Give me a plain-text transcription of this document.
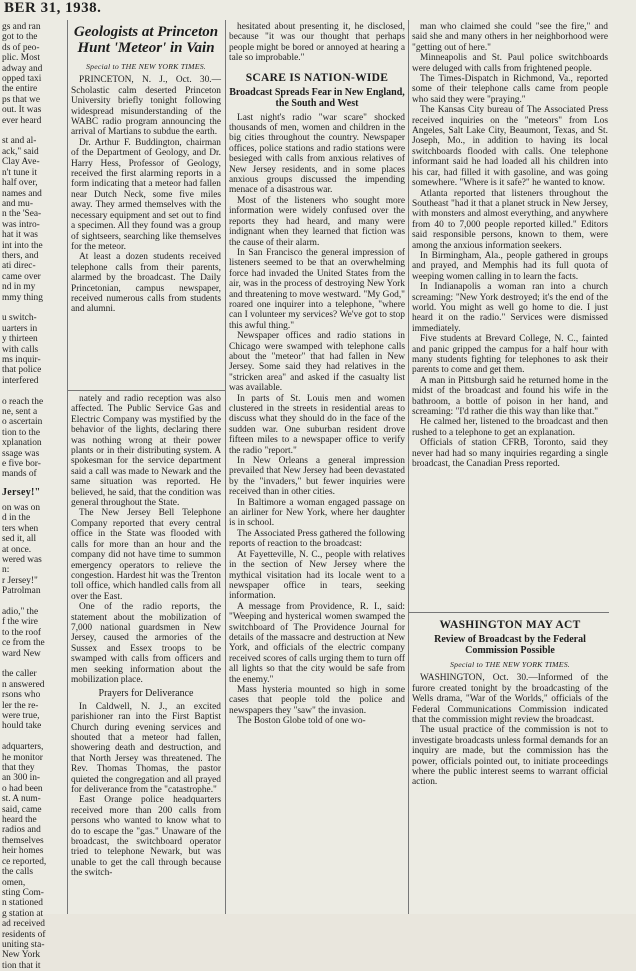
BER 31, 1938.

gs and ran

got to the

ds of peo-

plic. Most

adway and

opped taxi

the entire

ps that we

out. It was

ever heard

st and al-

ack," said

Clay Ave-

n't tune it

half over,

names and

and mu-

n the 'Sea-

was intro-

hat it was

int into the

thers, and

ati direc-

came over

nd in my

mmy thing

u switch-

uarters in

y thirteen

with calls

ms inquir-

that police

interfered

o reach the

ne, sent a

o ascertain

tion to the

xplanation

ssage was

e five bor-

mands of

Jersey!"

on was on

d in the

ters when

sed it, all

at once.

wered was

n:

r Jersey!"

Patrolman

adio," the

f the wire

to the roof

ce from the

ward New

the caller

n answered

rsons who

ler the re-

were true,

hould take

adquarters,

he monitor

that they

an 300 in-

o had been

st. A num-

said, came

heard the

radios and

themselves

heir homes

ce reported,

the calls

omen,

sting Com-

n stationed

g station at

ad received

residents of

uniting sta-

New York

tion that it

Geologists at Princeton Hunt 'Meteor' in Vain
Special to THE NEW YORK TIMES.

PRINCETON, N. J., Oct. 30.—Scholastic calm deserted Princeton University briefly tonight following widespread misunderstanding of the WABC radio program announcing the arrival of Martians to subdue the earth.

Dr. Arthur F. Buddington, chairman of the Department of Geology, and Dr. Harry Hess, Professor of Geology, received the first alarming reports in a form indicating that a meteor had fallen near Dutch Neck, some five miles away. They armed themselves with the necessary equipment and set out to find a specimen. All they found was a group of sightseers, searching like themselves for the meteor.

At least a dozen students received telephone calls from their parents, alarmed by the broadcast. The Daily Princetonian, campus newspaper, received numerous calls from students and alumni.

nately and radio reception was also affected. The Public Service Gas and Electric Company was mystified by the behavior of the lights, declaring there was nothing wrong at their power plants or in their distributing system. A spokesman for the service department said a call was made to Newark and the same situation was reported. He believed, he said, that the condition was general throughout the State.

The New Jersey Bell Telephone Company reported that every central office in the State was flooded with calls for more than an hour and the company did not have time to summon emergency operators to relieve the congestion. Hardest hit was the Trenton toll office, which handled calls from all over the East.

One of the radio reports, the statement about the mobilization of 7,000 national guardsmen in New Jersey, caused the armories of the Sussex and Essex troops to be swamped with calls from officers and men seeking information about the mobilization place.

Prayers for Deliverance

In Caldwell, N. J., an excited parishioner ran into the First Baptist Church during evening services and shouted that a meteor had fallen, showering death and destruction, and that North Jersey was threatened. The Rev. Thomas Thomas, the pastor quieted the congregation and all prayed for deliverance from the "catastrophe."

East Orange police headquarters received more than 200 calls from persons who wanted to know what to do to escape the "gas." Unaware of the broadcast, the switchboard operator tried to telephone Newark, but was unable to get the call through because the switch-

hesitated about presenting it, he disclosed, because "it was our thought that perhaps people might be bored or annoyed at hearing a tale so improbable."

SCARE IS NATION-WIDE
Broadcast Spreads Fear in New England, the South and West

Last night's radio "war scare" shocked thousands of men, women and children in the big cities throughout the country. Newspaper offices, police stations and radio stations were besieged with calls from anxious relatives of New Jersey residents, and in some places anxious groups discussed the impending menace of a disastrous war.

Most of the listeners who sought more information were widely confused over the reports they had heard, and many were indignant when they learned that fiction was the cause of their alarm.

In San Francisco the general impression of listeners seemed to be that an overwhelming force had invaded the United States from the air, was in the process of destroying New York and threatening to move westward. "My God," roared one inquirer into a telephone, "where can I volunteer my services? We've got to stop this awful thing."

Newspaper offices and radio stations in Chicago were swamped with telephone calls about the "meteor" that had fallen in New Jersey. Some said they had relatives in the "stricken area" and asked if the casualty list was available.

In parts of St. Louis men and women clustered in the streets in residential areas to discuss what they should do in the face of the sudden war. One suburban resident drove fifteen miles to a newspaper office to verify the radio "report."

In New Orleans a general impression prevailed that New Jersey had been devastated by the "invaders," but fewer inquiries were received than in other cities.

In Baltimore a woman engaged passage on an airliner for New York, where her daughter is in school.

The Associated Press gathered the following reports of reaction to the broadcast:

At Fayetteville, N. C., people with relatives in the section of New Jersey where the mythical visitation had its locale went to a newspaper office in tears, seeking information.

A message from Providence, R. I., said: "Weeping and hysterical women swamped the switchboard of The Providence Journal for details of the massacre and destruction at New York, and officials of the electric company received scores of calls urging them to turn off all lights so that the city would be safe from the enemy."

Mass hysteria mounted so high in some cases that people told the police and newspapers they "saw" the invasion.

The Boston Globe told of one wo-

man who claimed she could "see the fire," and said she and many others in her neighborhood were "getting out of here."

Minneapolis and St. Paul police switchboards were deluged with calls from frightened people.

The Times-Dispatch in Richmond, Va., reported some of their telephone calls came from people who said they were "praying."

The Kansas City bureau of The Associated Press received inquiries on the "meteors" from Los Angeles, Salt Lake City, Beaumont, Texas, and St. Joseph, Mo., in addition to having its local switchboards flooded with calls. One telephone informant said he had loaded all his children into his car, had filled it with gasoline, and was going somewhere. "Where is it safe?" he wanted to know.

Atlanta reported that listeners throughout the Southeast "had it that a planet struck in New Jersey, with monsters and almost everything, and anywhere from 40 to 7,000 people reported killed." Editors said responsible persons, known to them, were among the anxious information seekers.

In Birmingham, Ala., people gathered in groups and prayed, and Memphis had its full quota of weeping women calling in to learn the facts.

In Indianapolis a woman ran into a church screaming: "New York destroyed; it's the end of the world. You might as well go home to die. I just heard it on the radio." Services were dismissed immediately.

Five students at Brevard College, N. C., fainted and panic gripped the campus for a half hour with many students fighting for telephones to ask their parents to come and get them.

A man in Pittsburgh said he returned home in the midst of the broadcast and found his wife in the bathroom, a bottle of poison in her hand, and screaming: "I'd rather die this way than like that."

He calmed her, listened to the broadcast and then rushed to a telephone to get an explanation.

Officials of station CFRB, Toronto, said they never had had so many inquiries regarding a single broadcast, the Canadian Press reported.

WASHINGTON MAY ACT
Review of Broadcast by the Federal Commission Possible
Special to THE NEW YORK TIMES.

WASHINGTON, Oct. 30.—Informed of the furore created tonight by the broadcasting of the Wells drama, "War of the Worlds," officials of the Federal Communications Commission indicated that the commission might review the broadcast.

The usual practice of the commission is not to investigate broadcasts unless formal demands for an inquiry are made, but the commission has the power, officials pointed out, to initiate proceedings where the public interest seems to warrant official action.
